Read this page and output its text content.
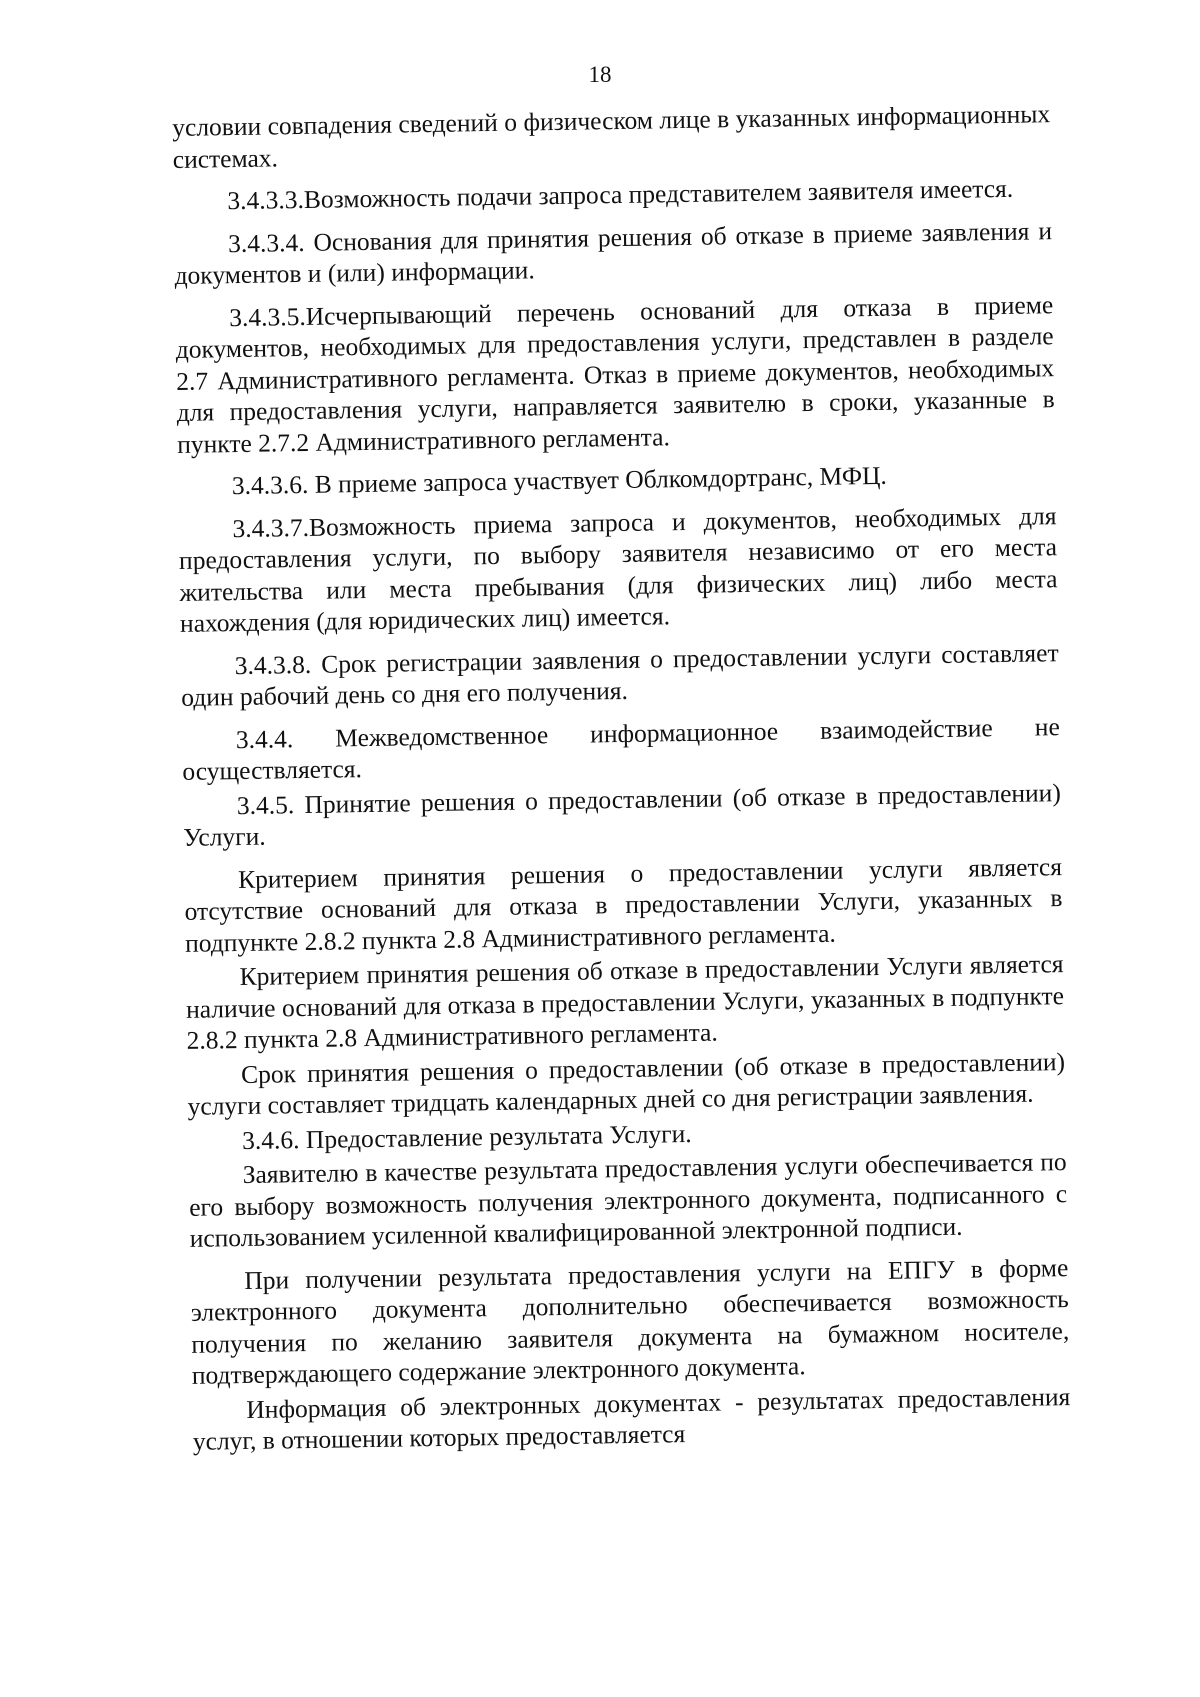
18

условии совпадения сведений о физическом лице в указанных информационных системах.

3.4.3.3.Возможность подачи запроса представителем заявителя имеется.

3.4.3.4. Основания для принятия решения об отказе в приеме заявления и документов и (или) информации.

3.4.3.5.Исчерпывающий перечень оснований для отказа в приеме документов, необходимых для предоставления услуги, представлен в разделе 2.7 Административного регламента. Отказ в приеме документов, необходимых для предоставления услуги, направляется заявителю в сроки, указанные в пункте 2.7.2 Административного регламента.

3.4.3.6. В приеме запроса участвует Облкомдортранс, МФЦ.

3.4.3.7.Возможность приема запроса и документов, необходимых для предоставления услуги, по выбору заявителя независимо от его места жительства или места пребывания (для физических лиц) либо места нахождения (для юридических лиц) имеется.

3.4.3.8. Срок регистрации заявления о предоставлении услуги составляет один рабочий день со дня его получения.

3.4.4. Межведомственное информационное взаимодействие не осуществляется.

3.4.5. Принятие решения о предоставлении (об отказе в предоставлении) Услуги.

Критерием принятия решения о предоставлении услуги является отсутствие оснований для отказа в предоставлении Услуги, указанных в подпункте 2.8.2 пункта 2.8 Административного регламента.

Критерием принятия решения об отказе в предоставлении Услуги является наличие оснований для отказа в предоставлении Услуги, указанных в подпункте 2.8.2 пункта 2.8 Административного регламента.

Срок принятия решения о предоставлении (об отказе в предоставлении) услуги составляет тридцать календарных дней со дня регистрации заявления.

3.4.6. Предоставление результата Услуги.

Заявителю в качестве результата предоставления услуги обеспечивается по его выбору возможность получения электронного документа, подписанного с использованием усиленной квалифицированной электронной подписи.

При получении результата предоставления услуги на ЕПГУ в форме электронного документа дополнительно обеспечивается возможность получения по желанию заявителя документа на бумажном носителе, подтверждающего содержание электронного документа.

Информация об электронных документах - результатах предоставления услуг, в отношении которых предоставляется
